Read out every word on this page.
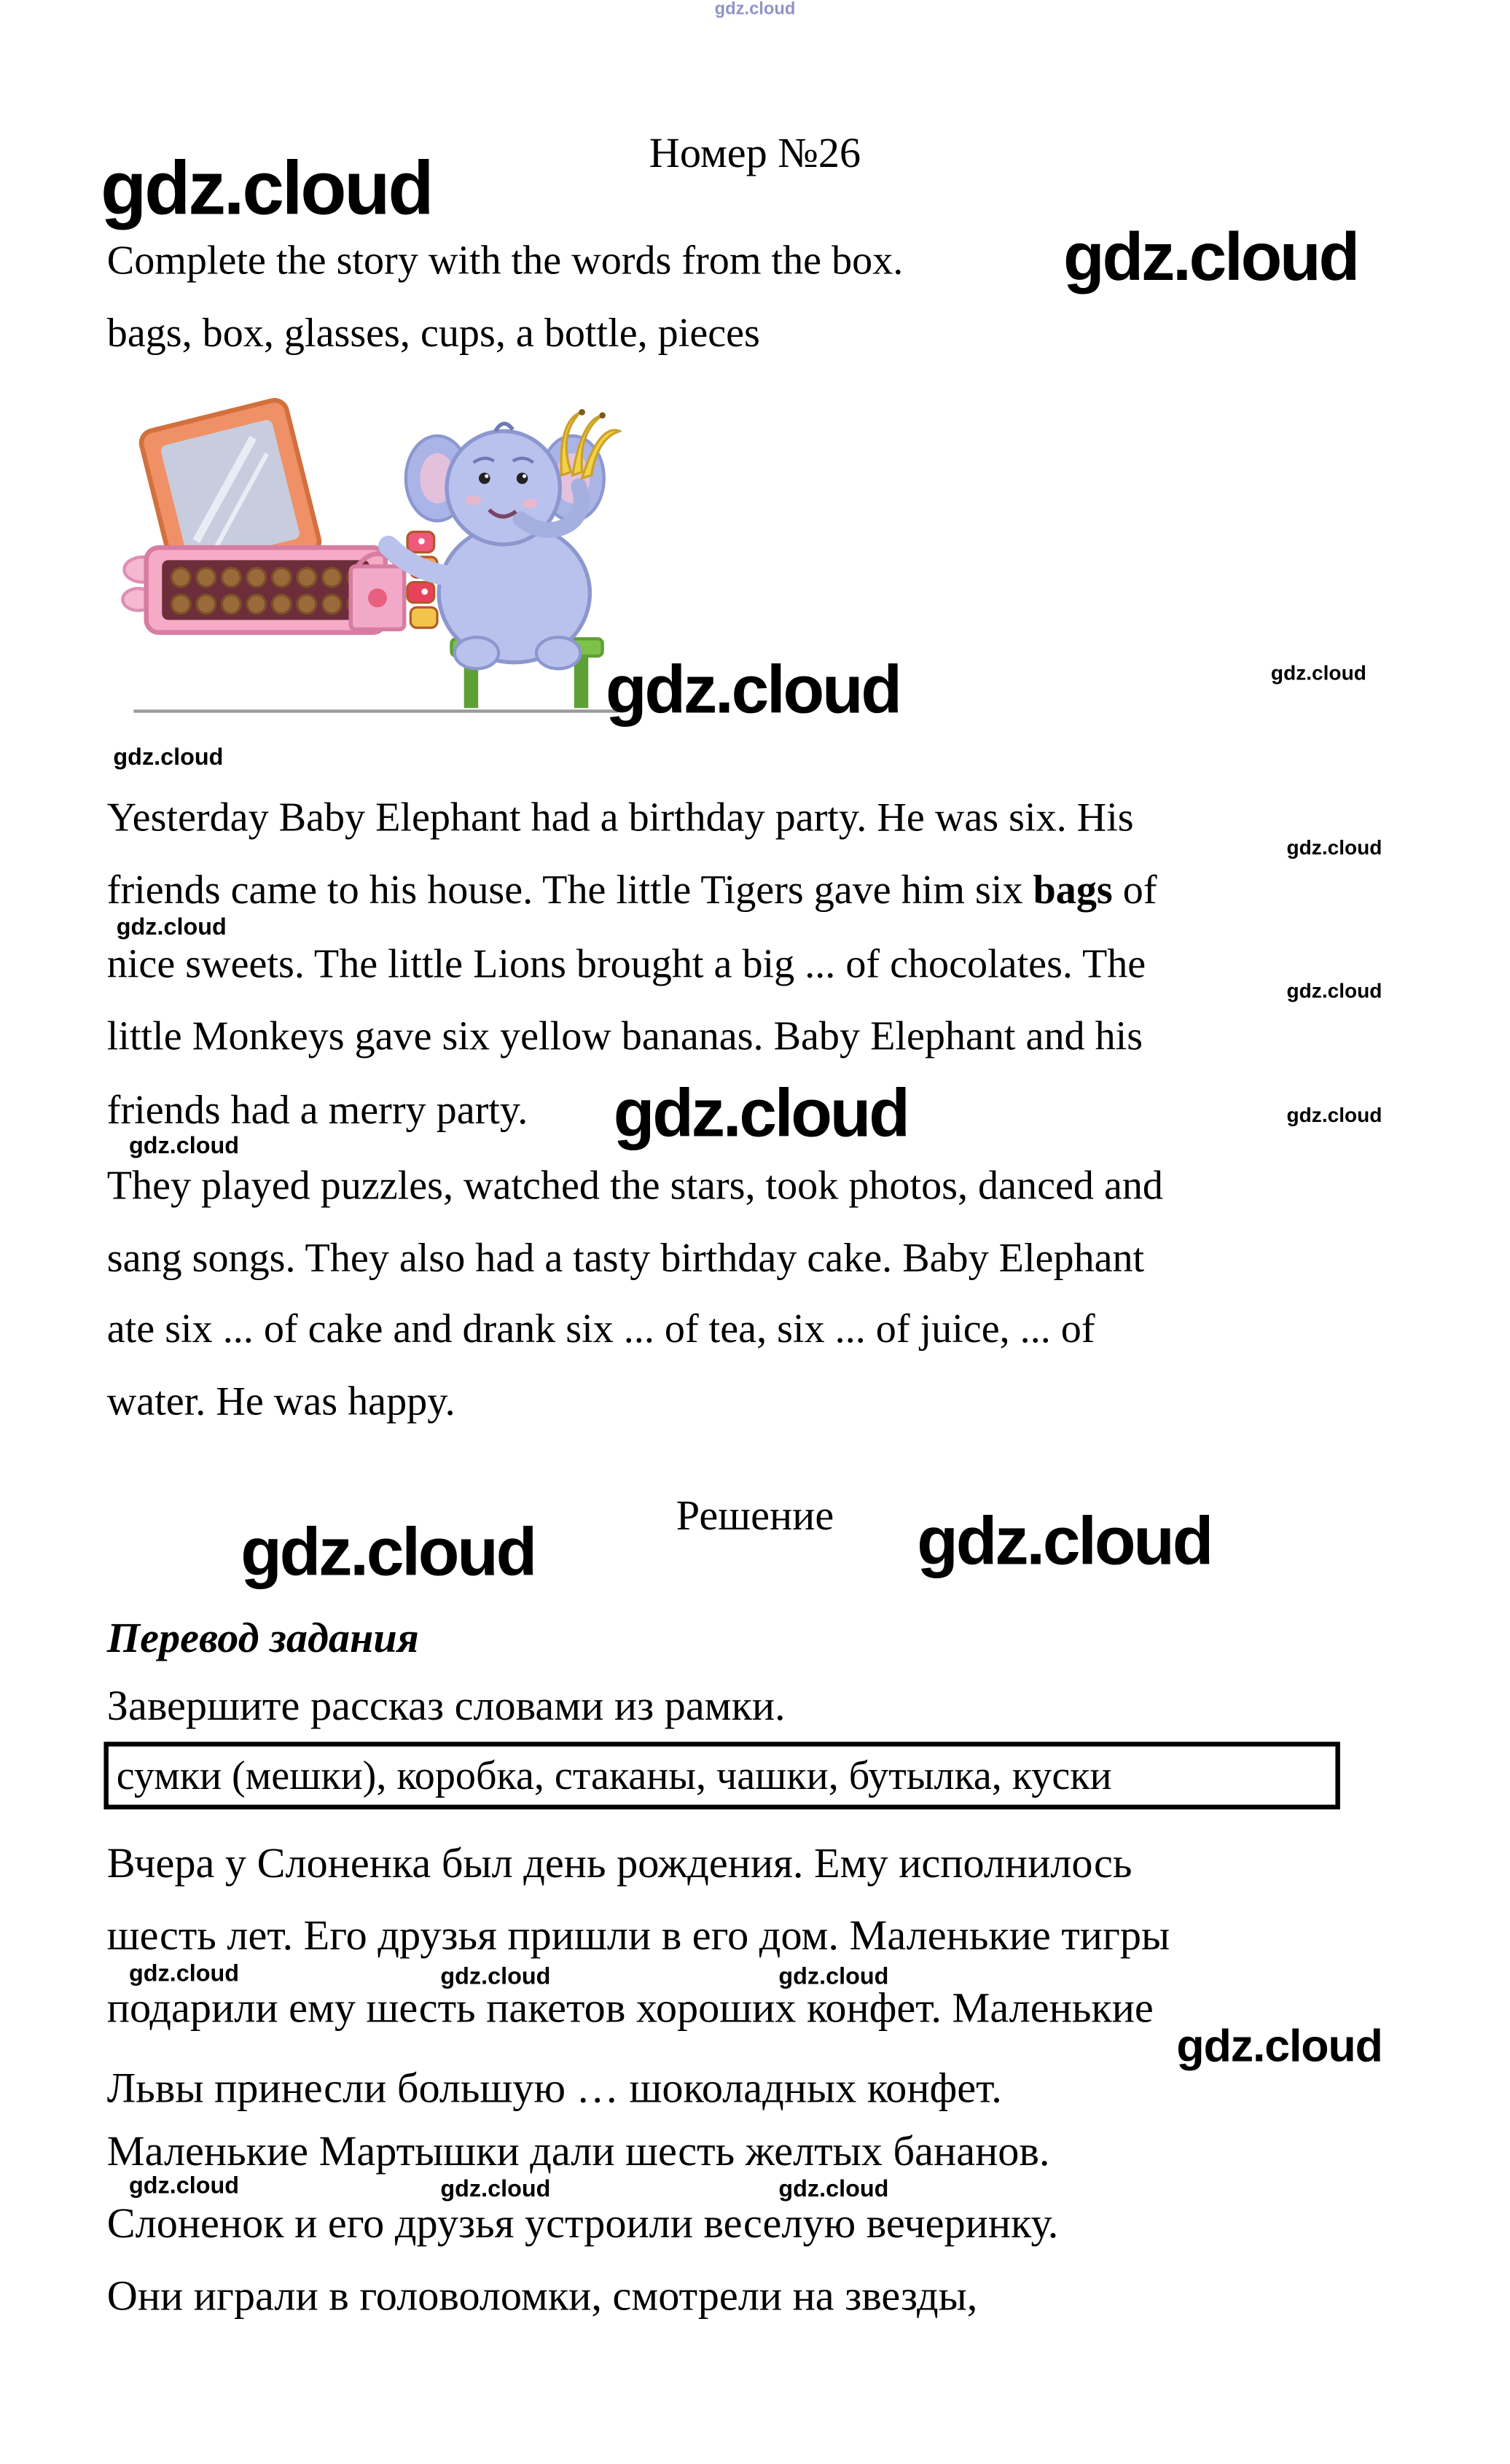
gdz.cloud
Номер №26
gdz.cloud
Complete the story with the words from the box.	gdz.cloud
bags, box, glasses, cups, a bottle, pieces
gdz.cloud	gdz.cloud
gdz.cloud
Yesterday Baby Elephant had a birthday party. He was six. His
gdz.cloud
friends came to his house. The little Tigers gave him six bags of
gdz.cloud
nice sweets. The little Lions brought a big ... of chocolates. The
gdz.cloud
little Monkeys gave six yellow bananas. Baby Elephant and his
friends had a merry party.	gdz.cloud	gdz.cloud
gdz.cloud
They played puzzles, watched the stars, took photos, danced and
sang songs. They also had a tasty birthday cake. Baby Elephant
ate six ... of cake and drank six ... of tea, six ... of juice, ... of
water. He was happy.
Решение
gdz.cloud	gdz.cloud
Перевод задания
Завершите рассказ словами из рамки.
сумки (мешки), коробка, стаканы, чашки, бутылка, куски
Вчера у Слоненка был день рождения. Ему исполнилось
шесть лет. Его друзья пришли в его дом. Маленькие тигры
gdz.cloud	gdz.cloud	gdz.cloud
подарили ему шесть пакетов хороших конфет. Маленькие
gdz.cloud
Львы принесли большую … шоколадных конфет.
Маленькие Мартышки дали шесть желтых бананов.
gdz.cloud	gdz.cloud	gdz.cloud
Слоненок и его друзья устроили веселую вечеринку.
Они играли в головоломки, смотрели на звезды,
